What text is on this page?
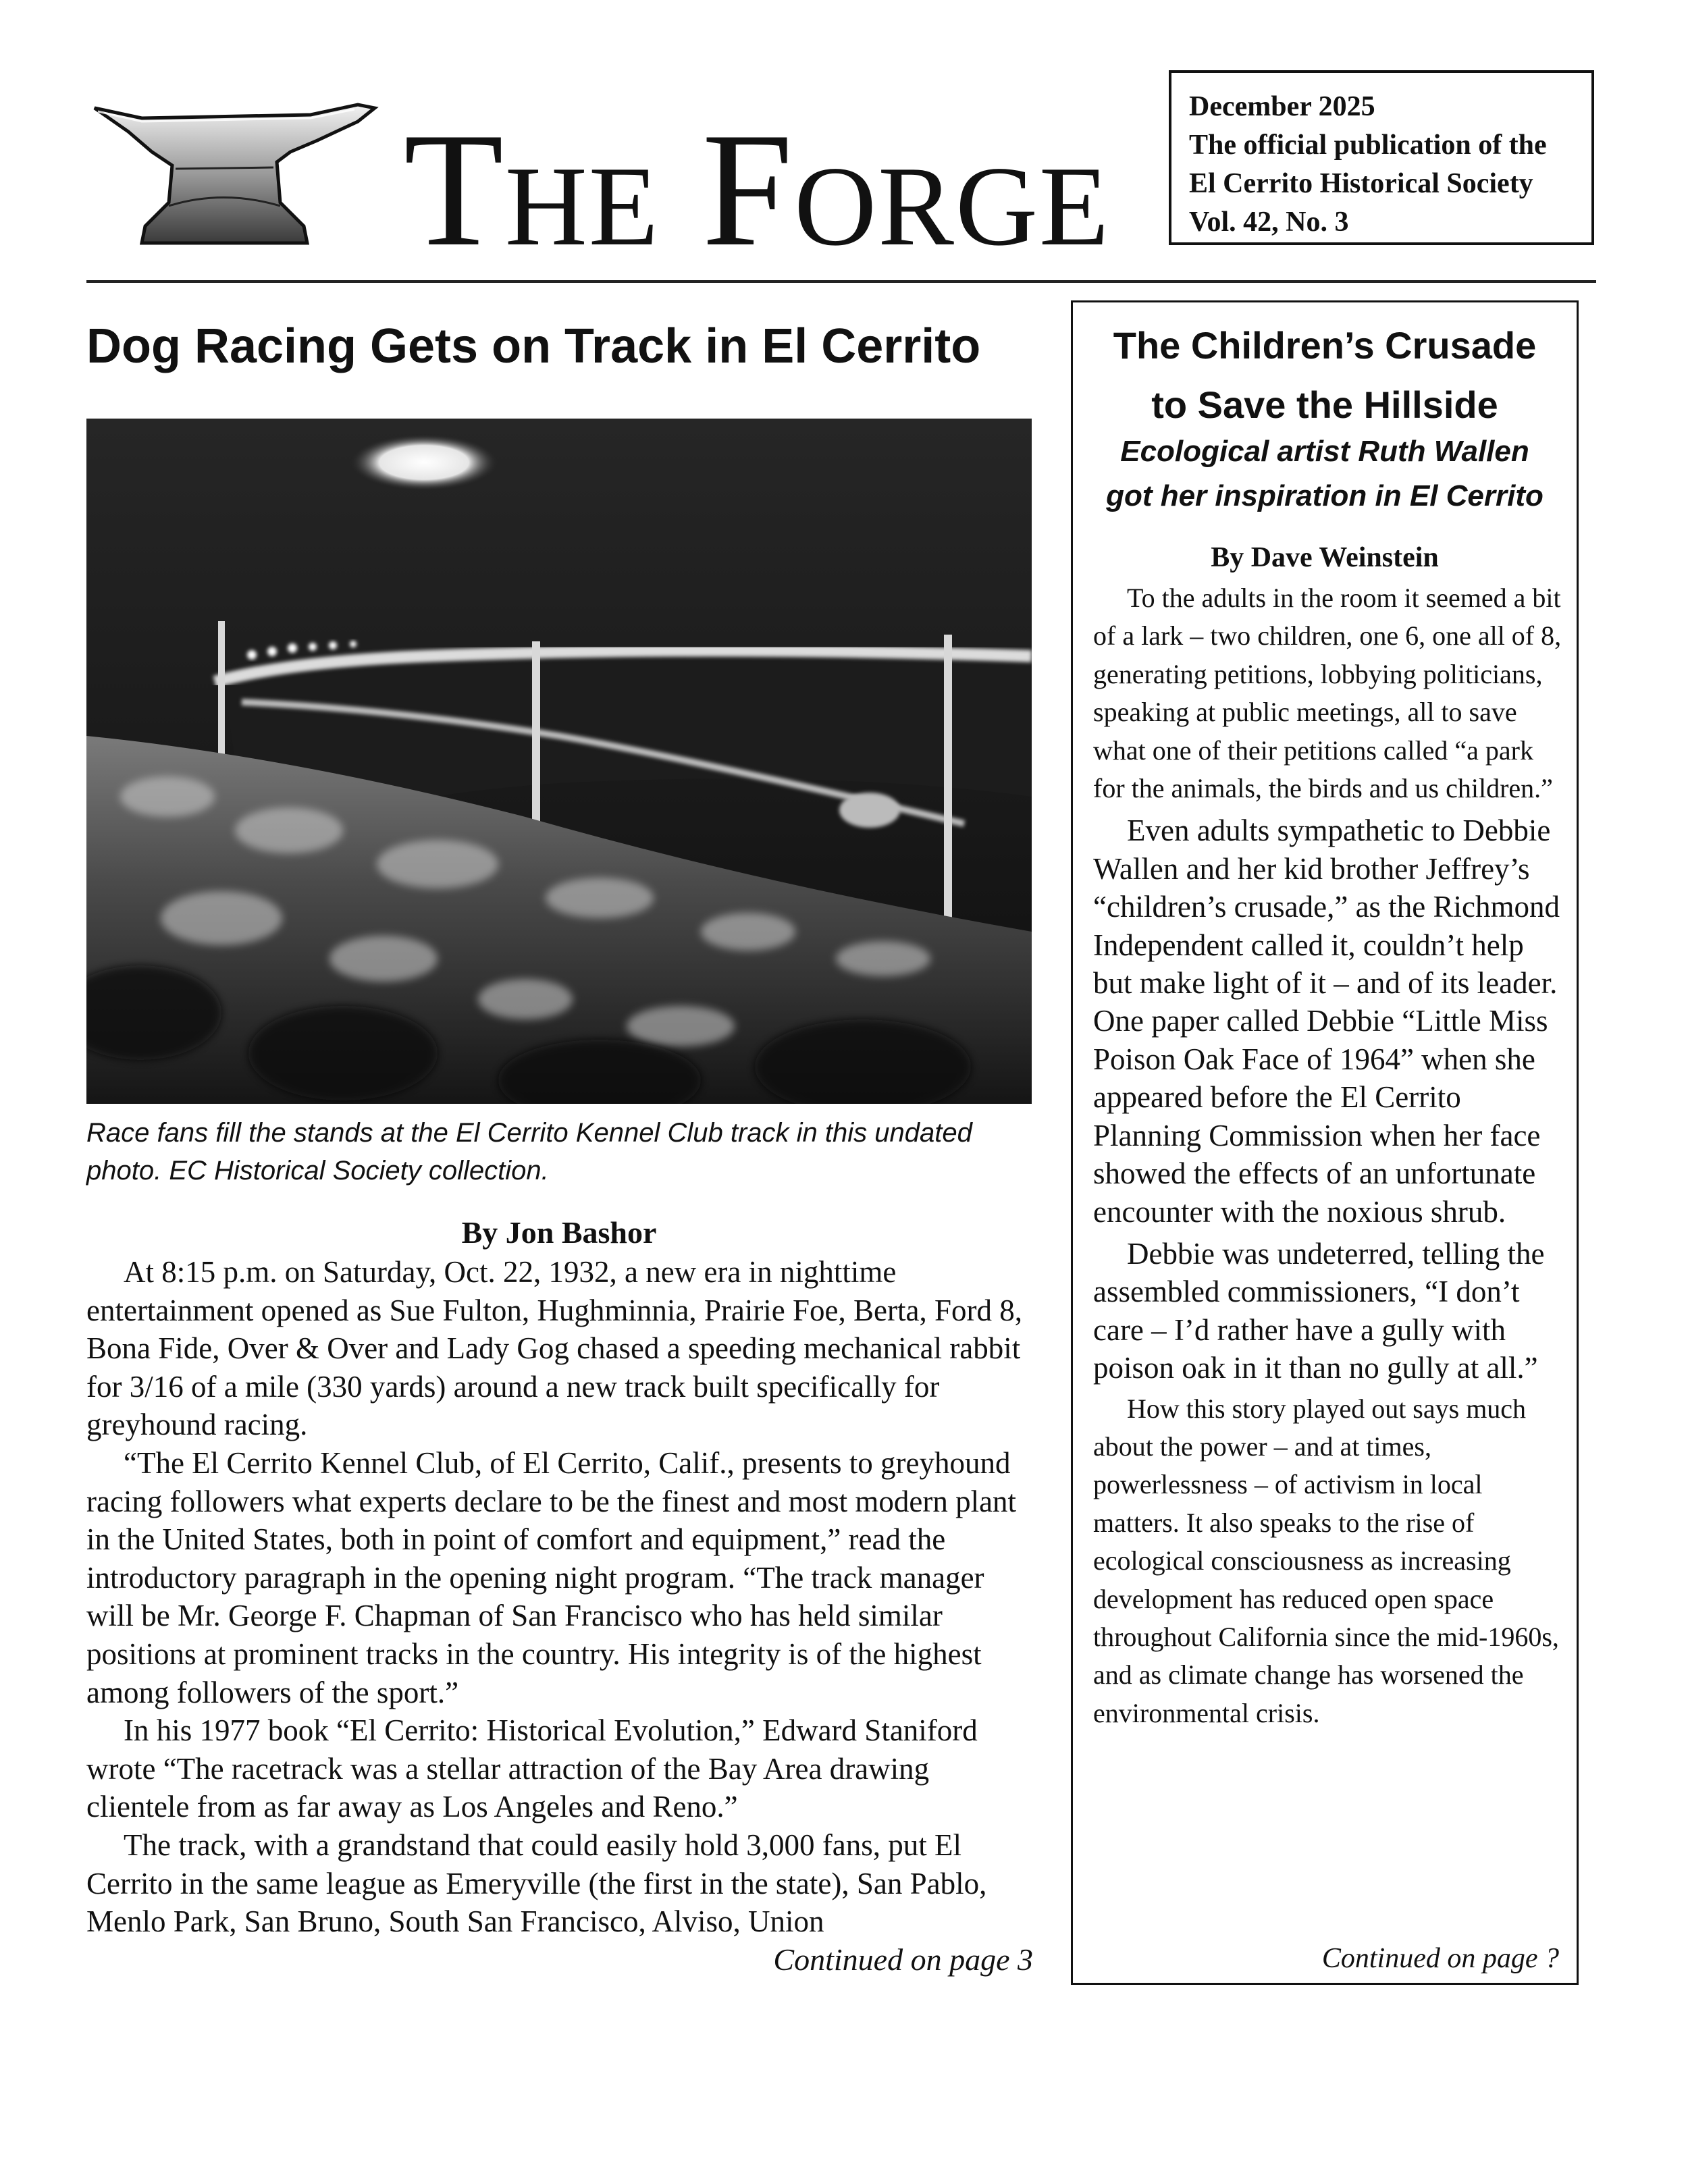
The Forge	December 2025
The official publication of the
El Cerrito Historical Society
Vol. 42, No. 3
Dog Racing Gets on Track in El Cerrito

Race fans fill the stands at the El Cerrito Kennel Club track in this undated photo. EC Historical Society collection.

By Jon Bashor

At 8:15 p.m. on Saturday, Oct. 22, 1932, a new era in nighttime entertainment opened as Sue Fulton, Hughminnia, Prairie Foe, Berta, Ford 8, Bona Fide, Over & Over and Lady Gog chased a speeding mechanical rabbit for 3/16 of a mile (330 yards) around a new track built specifically for greyhound racing.

“The El Cerrito Kennel Club, of El Cerrito, Calif., presents to greyhound racing followers what experts declare to be the finest and most modern plant in the United States, both in point of comfort and equipment,” read the introductory paragraph in the opening night program. “The track manager will be Mr. George F. Chapman of San Francisco who has held similar positions at prominent tracks in the country. His integrity is of the highest among followers of the sport.”

In his 1977 book “El Cerrito: Historical Evolution,” Edward Staniford wrote “The racetrack was a stellar attraction of the Bay Area drawing clientele from as far away as Los Angeles and Reno.”

The track, with a grandstand that could easily hold 3,000 fans, put El Cerrito in the same league as Emeryville (the first in the state), San Pablo, Menlo Park, San Bruno, South San Francisco, Alviso, Union

Continued on page 3
The Children’s Crusade
to Save the Hillside
Ecological artist Ruth Wallen
got her inspiration in El Cerrito
By Dave Weinstein

To the adults in the room it seemed a bit of a lark – two children, one 6, one all of 8, generating petitions, lobbying politicians, speaking at public meetings, all to save what one of their petitions called “a park for the animals, the birds and us children.”

Even adults sympathetic to Debbie Wallen and her kid brother Jeffrey’s “children’s crusade,” as the Richmond Independent called it, couldn’t help but make light of it – and of its leader. One paper called Debbie “Little Miss Poison Oak Face of 1964” when she appeared before the El Cerrito Planning Commission when her face showed the effects of an unfortunate encounter with the noxious shrub.

Debbie was undeterred, telling the assembled commissioners, “I don’t care – I’d rather have a gully with poison oak in it than no gully at all.”

How this story played out says much about the power – and at times, powerlessness – of activism in local matters. It also speaks to the rise of ecological consciousness as increasing development has reduced open space throughout California since the mid-1960s, and as climate change has worsened the environmental crisis.

Continued on page ?
